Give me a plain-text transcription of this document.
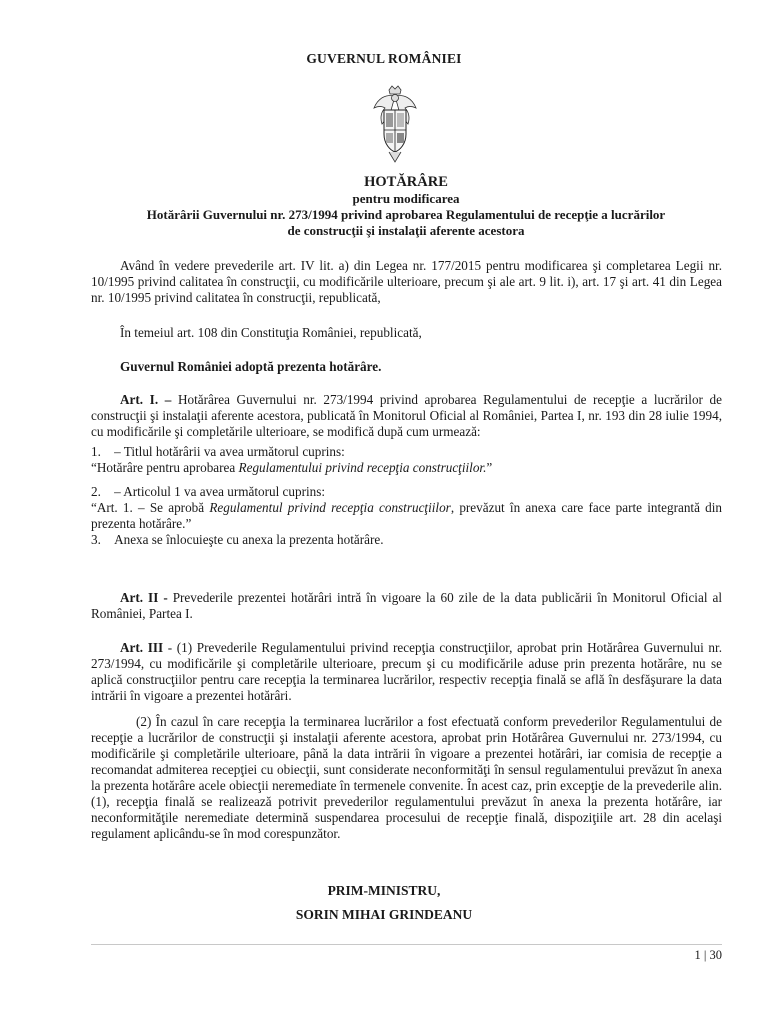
GUVERNUL ROMÂNIEI
HOTĂRÂRE
pentru modificarea
Hotărârii Guvernului nr. 273/1994 privind aprobarea Regulamentului de recepţie a lucrărilor
de construcţii şi instalaţii aferente acestora

Având în vedere prevederile art. IV lit. a) din Legea nr. 177/2015 pentru modificarea şi completarea Legii nr. 10/1995 privind calitatea în construcţii, cu modificările ulterioare, precum şi ale art. 9 lit. i), art. 17 şi art. 41 din Legea nr. 10/1995 privind calitatea în construcţii, republicată,

În temeiul art. 108 din Constituţia României, republicată,

Guvernul României adoptă prezenta hotărâre.

Art. I. – Hotărârea Guvernului nr. 273/1994 privind aprobarea Regulamentului de recepţie a lucrărilor de construcţii şi instalaţii aferente acestora, publicată în Monitorul Oficial al României, Partea I, nr. 193 din 28 iulie 1994, cu modificările şi completările ulterioare, se modifică după cum urmează:

1. – Titlul hotărârii va avea următorul cuprins:

“Hotărâre pentru aprobarea Regulamentului privind recepţia construcţiilor.”

2. – Articolul 1 va avea următorul cuprins:

“Art. 1. – Se aprobă Regulamentul privind recepţia construcţiilor, prevăzut în anexa care face parte integrantă din prezenta hotărâre.”

3. Anexa se înlocuieşte cu anexa la prezenta hotărâre.

Art. II - Prevederile prezentei hotărâri intră în vigoare la 60 zile de la data publicării în Monitorul Oficial al României, Partea I.

Art. III - (1) Prevederile Regulamentului privind recepţia construcţiilor, aprobat prin Hotărârea Guvernului nr. 273/1994, cu modificările şi completările ulterioare, precum şi cu modificările aduse prin prezenta hotărâre, nu se aplică construcţiilor pentru care recepţia la terminarea lucrărilor, respectiv recepţia finală se află în desfăşurare la data intrării în vigoare a prezentei hotărâri.

(2) În cazul în care recepţia la terminarea lucrărilor a fost efectuată conform prevederilor Regulamentului de recepţie a lucrărilor de construcţii şi instalaţii aferente acestora, aprobat prin Hotărârea Guvernului nr. 273/1994, cu modificările şi completările ulterioare, până la data intrării în vigoare a prezentei hotărâri, iar comisia de recepţie a recomandat admiterea recepţiei cu obiecţii, sunt considerate neconformităţi în sensul regulamentului prevăzut în anexa la prezenta hotărâre acele obiecţii neremediate în termenele convenite. În acest caz, prin excepţie de la prevederile alin. (1), recepţia finală se realizează potrivit prevederilor regulamentului prevăzut în anexa la prezenta hotărâre, iar neconformităţile neremediate determină suspendarea procesului de recepţie finală, dispoziţiile art. 28 din acelaşi regulament aplicându-se în mod corespunzător.

PRIM-MINISTRU,
SORIN MIHAI GRINDEANU
1 | 30
